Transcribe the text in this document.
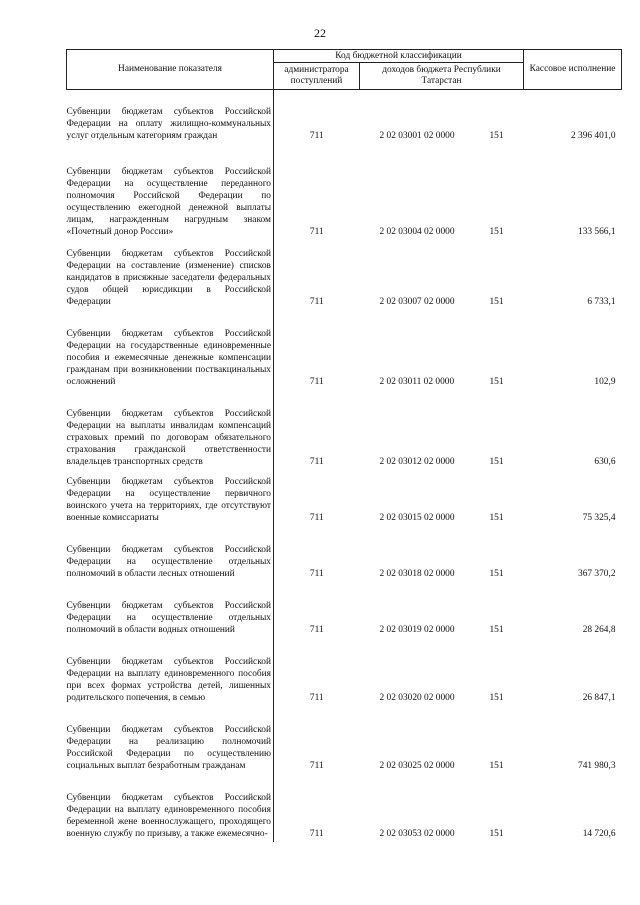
22
Наименование показателя	Код бюджетной классификации		Кассовое исполнение
	администратора поступлений	доходов бюджета Республики Татарстан	

Субвенции бюджетам субъектов Российской Федерации на оплату жилищно-коммунальных услуг отдельным категориям граждан	711	2 02 03001 02 0000 151	2 396 401,0

Субвенции бюджетам субъектов Российской Федерации на осуществление переданного полномочия Российской Федерации по осуществлению ежегодной денежной выплаты лицам, награжденным нагрудным знаком «Почетный донор России»	711	2 02 03004 02 0000 151	133 566,1

Субвенции бюджетам субъектов Российской Федерации на составление (изменение) списков кандидатов в присяжные заседатели федеральных судов общей юрисдикции в Российской Федерации	711	2 02 03007 02 0000 151	6 733,1

Субвенции бюджетам субъектов Российской Федерации на государственные единовременные пособия и ежемесячные денежные компенсации гражданам при возникновении поствакцинальных осложнений	711	2 02 03011 02 0000 151	102,9

Субвенции бюджетам субъектов Российской Федерации на выплаты инвалидам компенсаций страховых премий по договорам обязательного страхования гражданской ответственности владельцев транспортных средств	711	2 02 03012 02 0000 151	630,6

Субвенции бюджетам субъектов Российской Федерации на осуществление первичного воинского учета на территориях, где отсутствуют военные комиссариаты	711	2 02 03015 02 0000 151	75 325,4

Субвенции бюджетам субъектов Российской Федерации на осуществление отдельных полномочий в области лесных отношений	711	2 02 03018 02 0000 151	367 370,2

Субвенции бюджетам субъектов Российской Федерации на осуществление отдельных полномочий в области водных отношений	711	2 02 03019 02 0000 151	28 264,8

Субвенции бюджетам субъектов Российской Федерации на выплату единовременного пособия при всех формах устройства детей, лишенных родительского попечения, в семью	711	2 02 03020 02 0000 151	26 847,1

Субвенции бюджетам субъектов Российской Федерации на реализацию полномочий Российской Федерации по осуществлению социальных выплат безработным гражданам	711	2 02 03025 02 0000 151	741 980,3

Субвенции бюджетам субъектов Российской Федерации на выплату единовременного пособия беременной жене военнослужащего, проходящего военную службу по призыву, а также ежемесячно-	711	2 02 03053 02 0000 151	14 720,6
